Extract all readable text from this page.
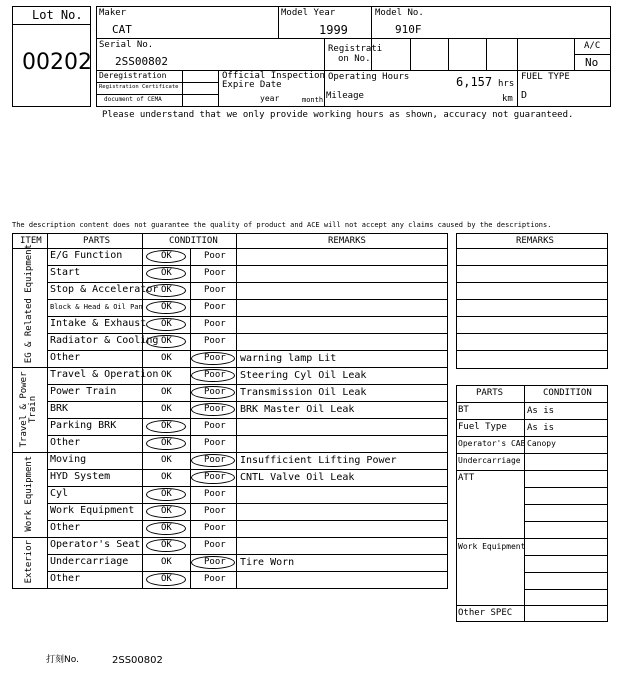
Lot No.
00202
Maker
CAT
Model Year
1999
Model No.
910F
Serial No.
2SS00802
Registrati
on No.
A/C
No
Deregistration
Registration Certificate
document of CEMA
Official Inspection
Expire Date
year	month
Operating Hours	6,157 hrs
Mileage	km
FUEL TYPE
D
Please understand that we only provide working hours as shown, accuracy not guaranteed.
The description content does not guarantee the quality of product and ACE will not accept any claims caused by the descriptions.
ITEM	PARTS	CONDITION	REMARKS
E/G Function	OK	Poor
Start	OK	Poor
Stop & Accelerator OK	Poor
Block & Head & Oil Pan OK	Poor
Intake & Exhaust OK	Poor
Radiator & Cooling OK	Poor
Other	OK	Poor warning lamp Lit
EG & Related Equipment
Travel & Operation OK	Poor Steering Cyl Oil Leak
Power Train	OK	Poor Transmission Oil Leak
BRK	OK	Poor BRK Master Oil Leak
Parking BRK	OK	Poor
Other	OK	Poor
Travel & Power Train
Moving	OK	Poor Insufficient Lifting Power
HYD System	OK	Poor CNTL Valve Oil Leak
Cyl	OK	Poor
Work Equipment	OK	Poor
Other	OK	Poor
Work Equipment
Operator's Seat OK	Poor
Undercarriage	OK	Poor Tire Worn
Other	OK	Poor
Exterior
REMARKS
PARTS	CONDITION
BT	As is
Fuel Type As is
Operator's CAB Canopy
Undercarriage
ATT
Work Equipment
Other SPEC
打刻No.	2SS00802
